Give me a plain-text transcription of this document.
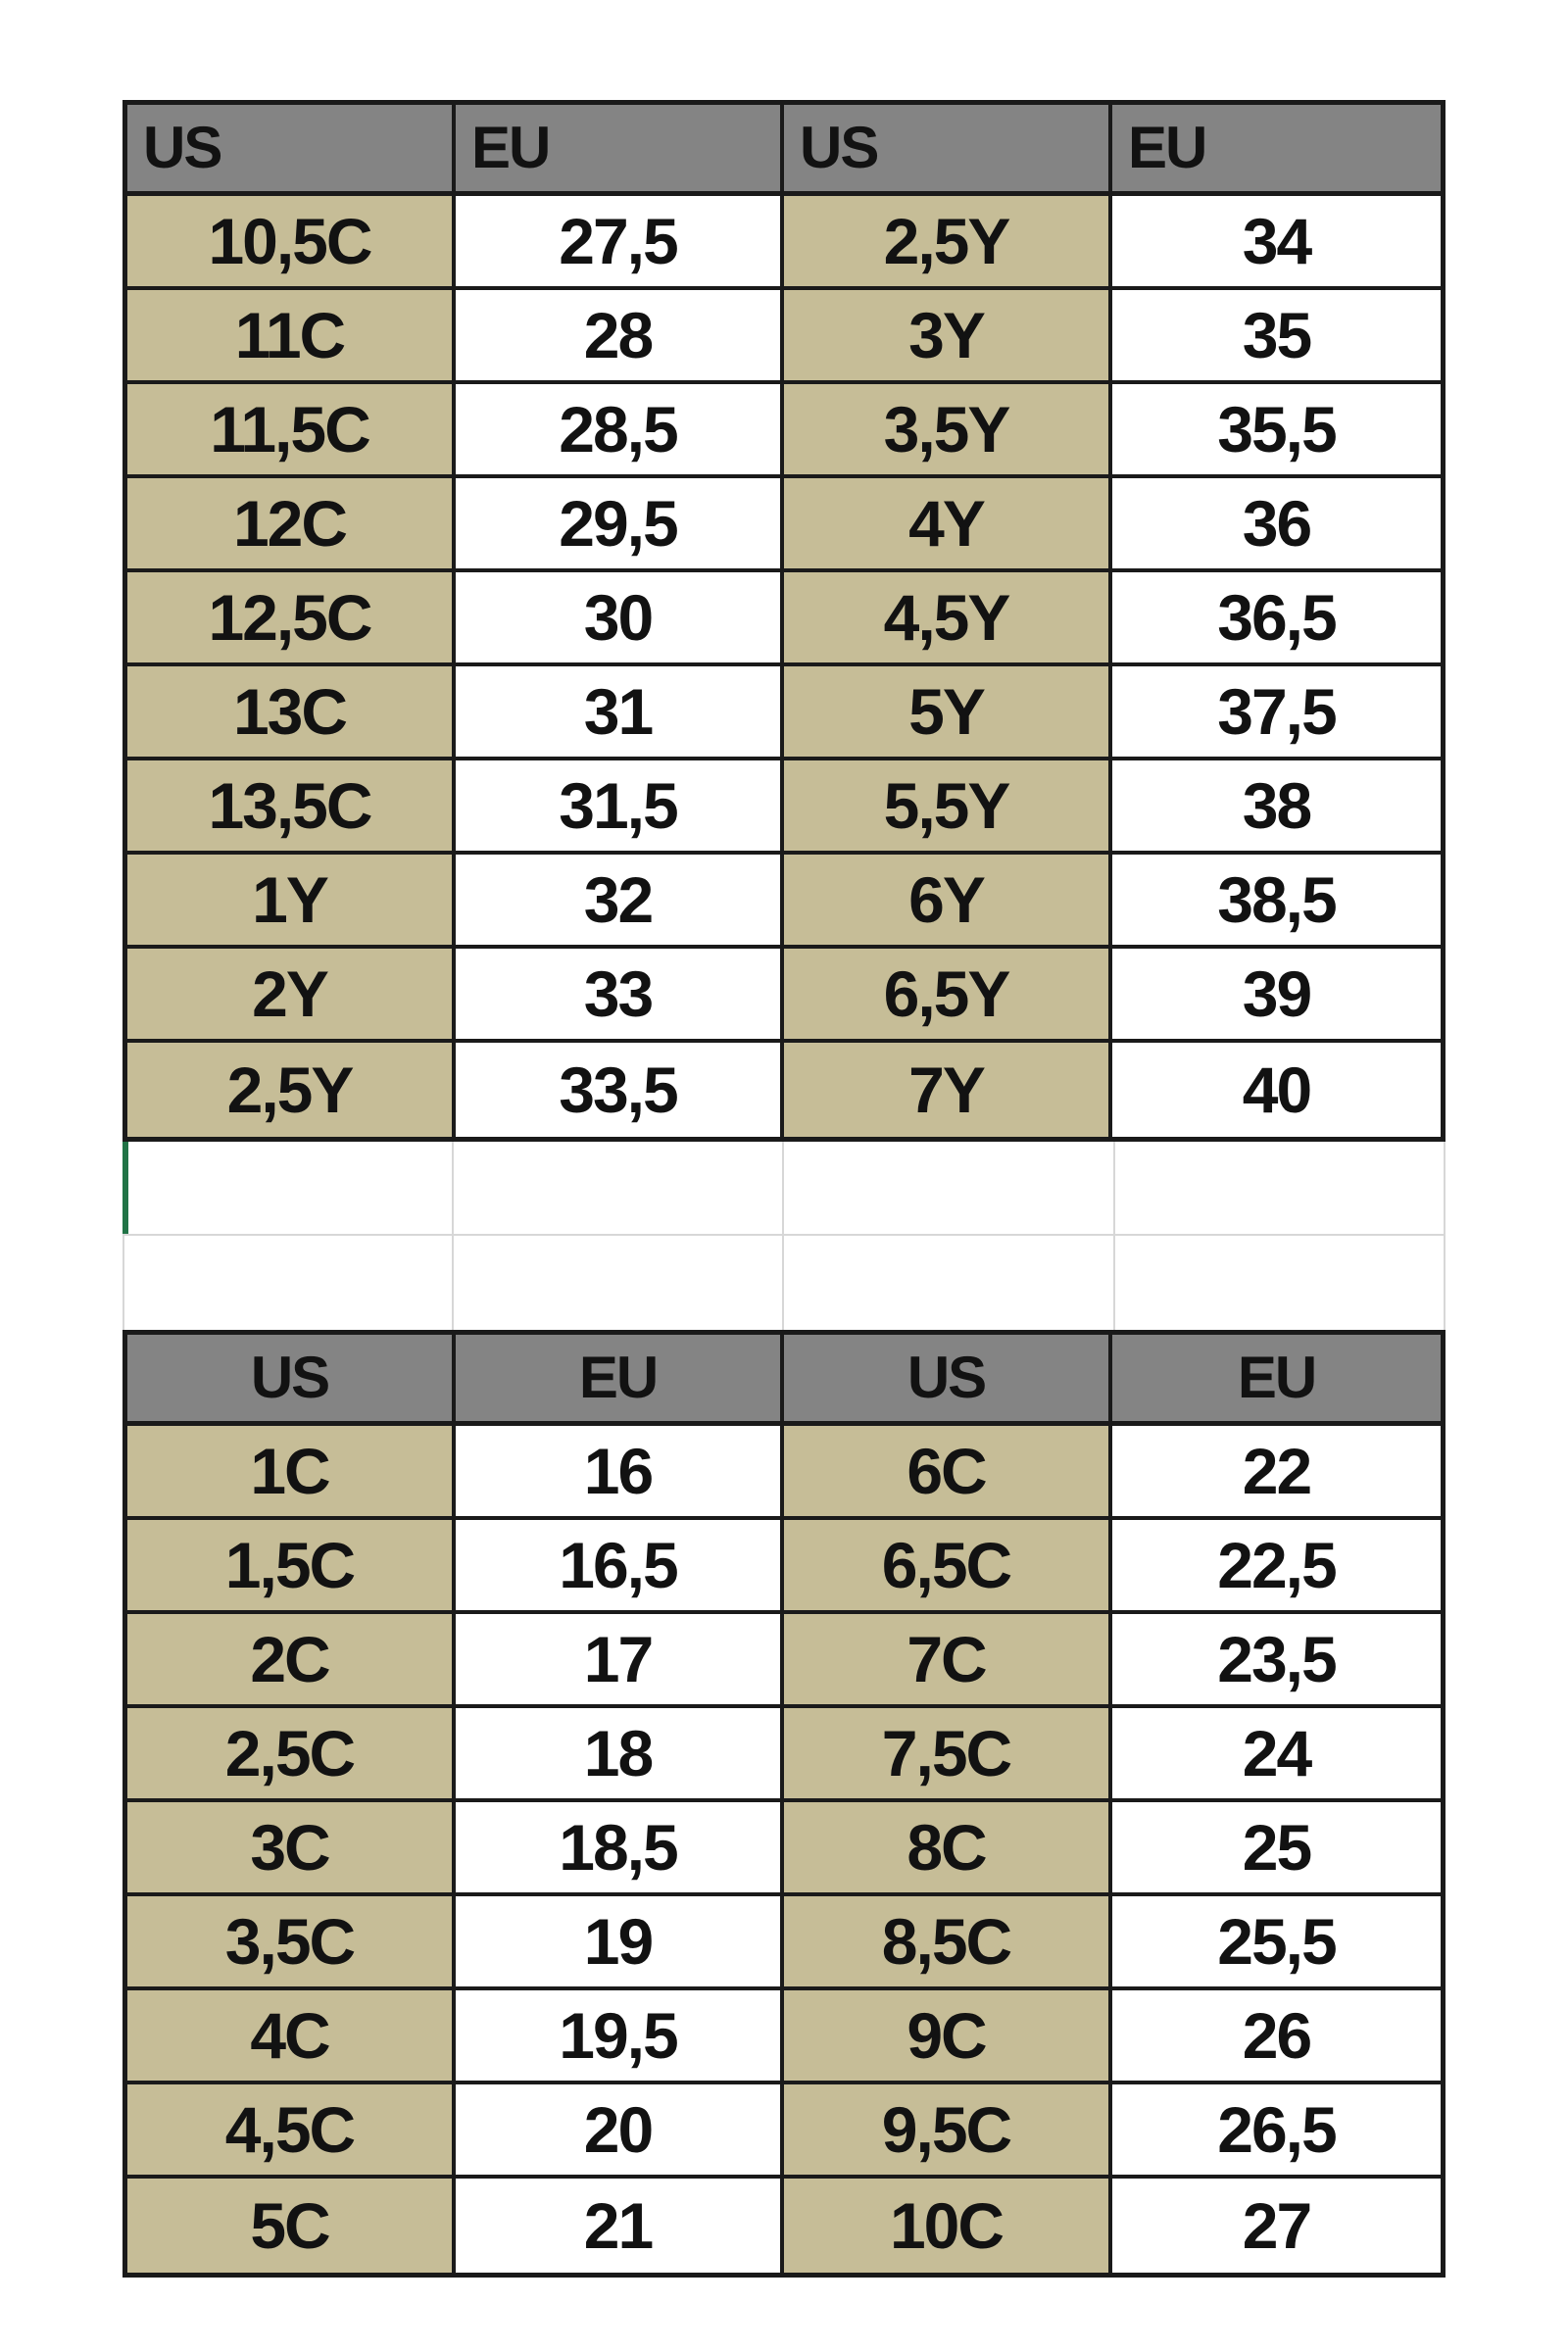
US	EU	US	EU
10,5C	27,5	2,5Y	34
11C	28	3Y	35
11,5C	28,5	3,5Y	35,5
12C	29,5	4Y	36
12,5C	30	4,5Y	36,5
13C	31	5Y	37,5
13,5C	31,5	5,5Y	38
1Y	32	6Y	38,5
2Y	33	6,5Y	39
2,5Y	33,5	7Y	40
US	EU	US	EU
1C	16	6C	22
1,5C	16,5	6,5C	22,5
2C	17	7C	23,5
2,5C	18	7,5C	24
3C	18,5	8C	25
3,5C	19	8,5C	25,5
4C	19,5	9C	26
4,5C	20	9,5C	26,5
5C	21	10C	27
